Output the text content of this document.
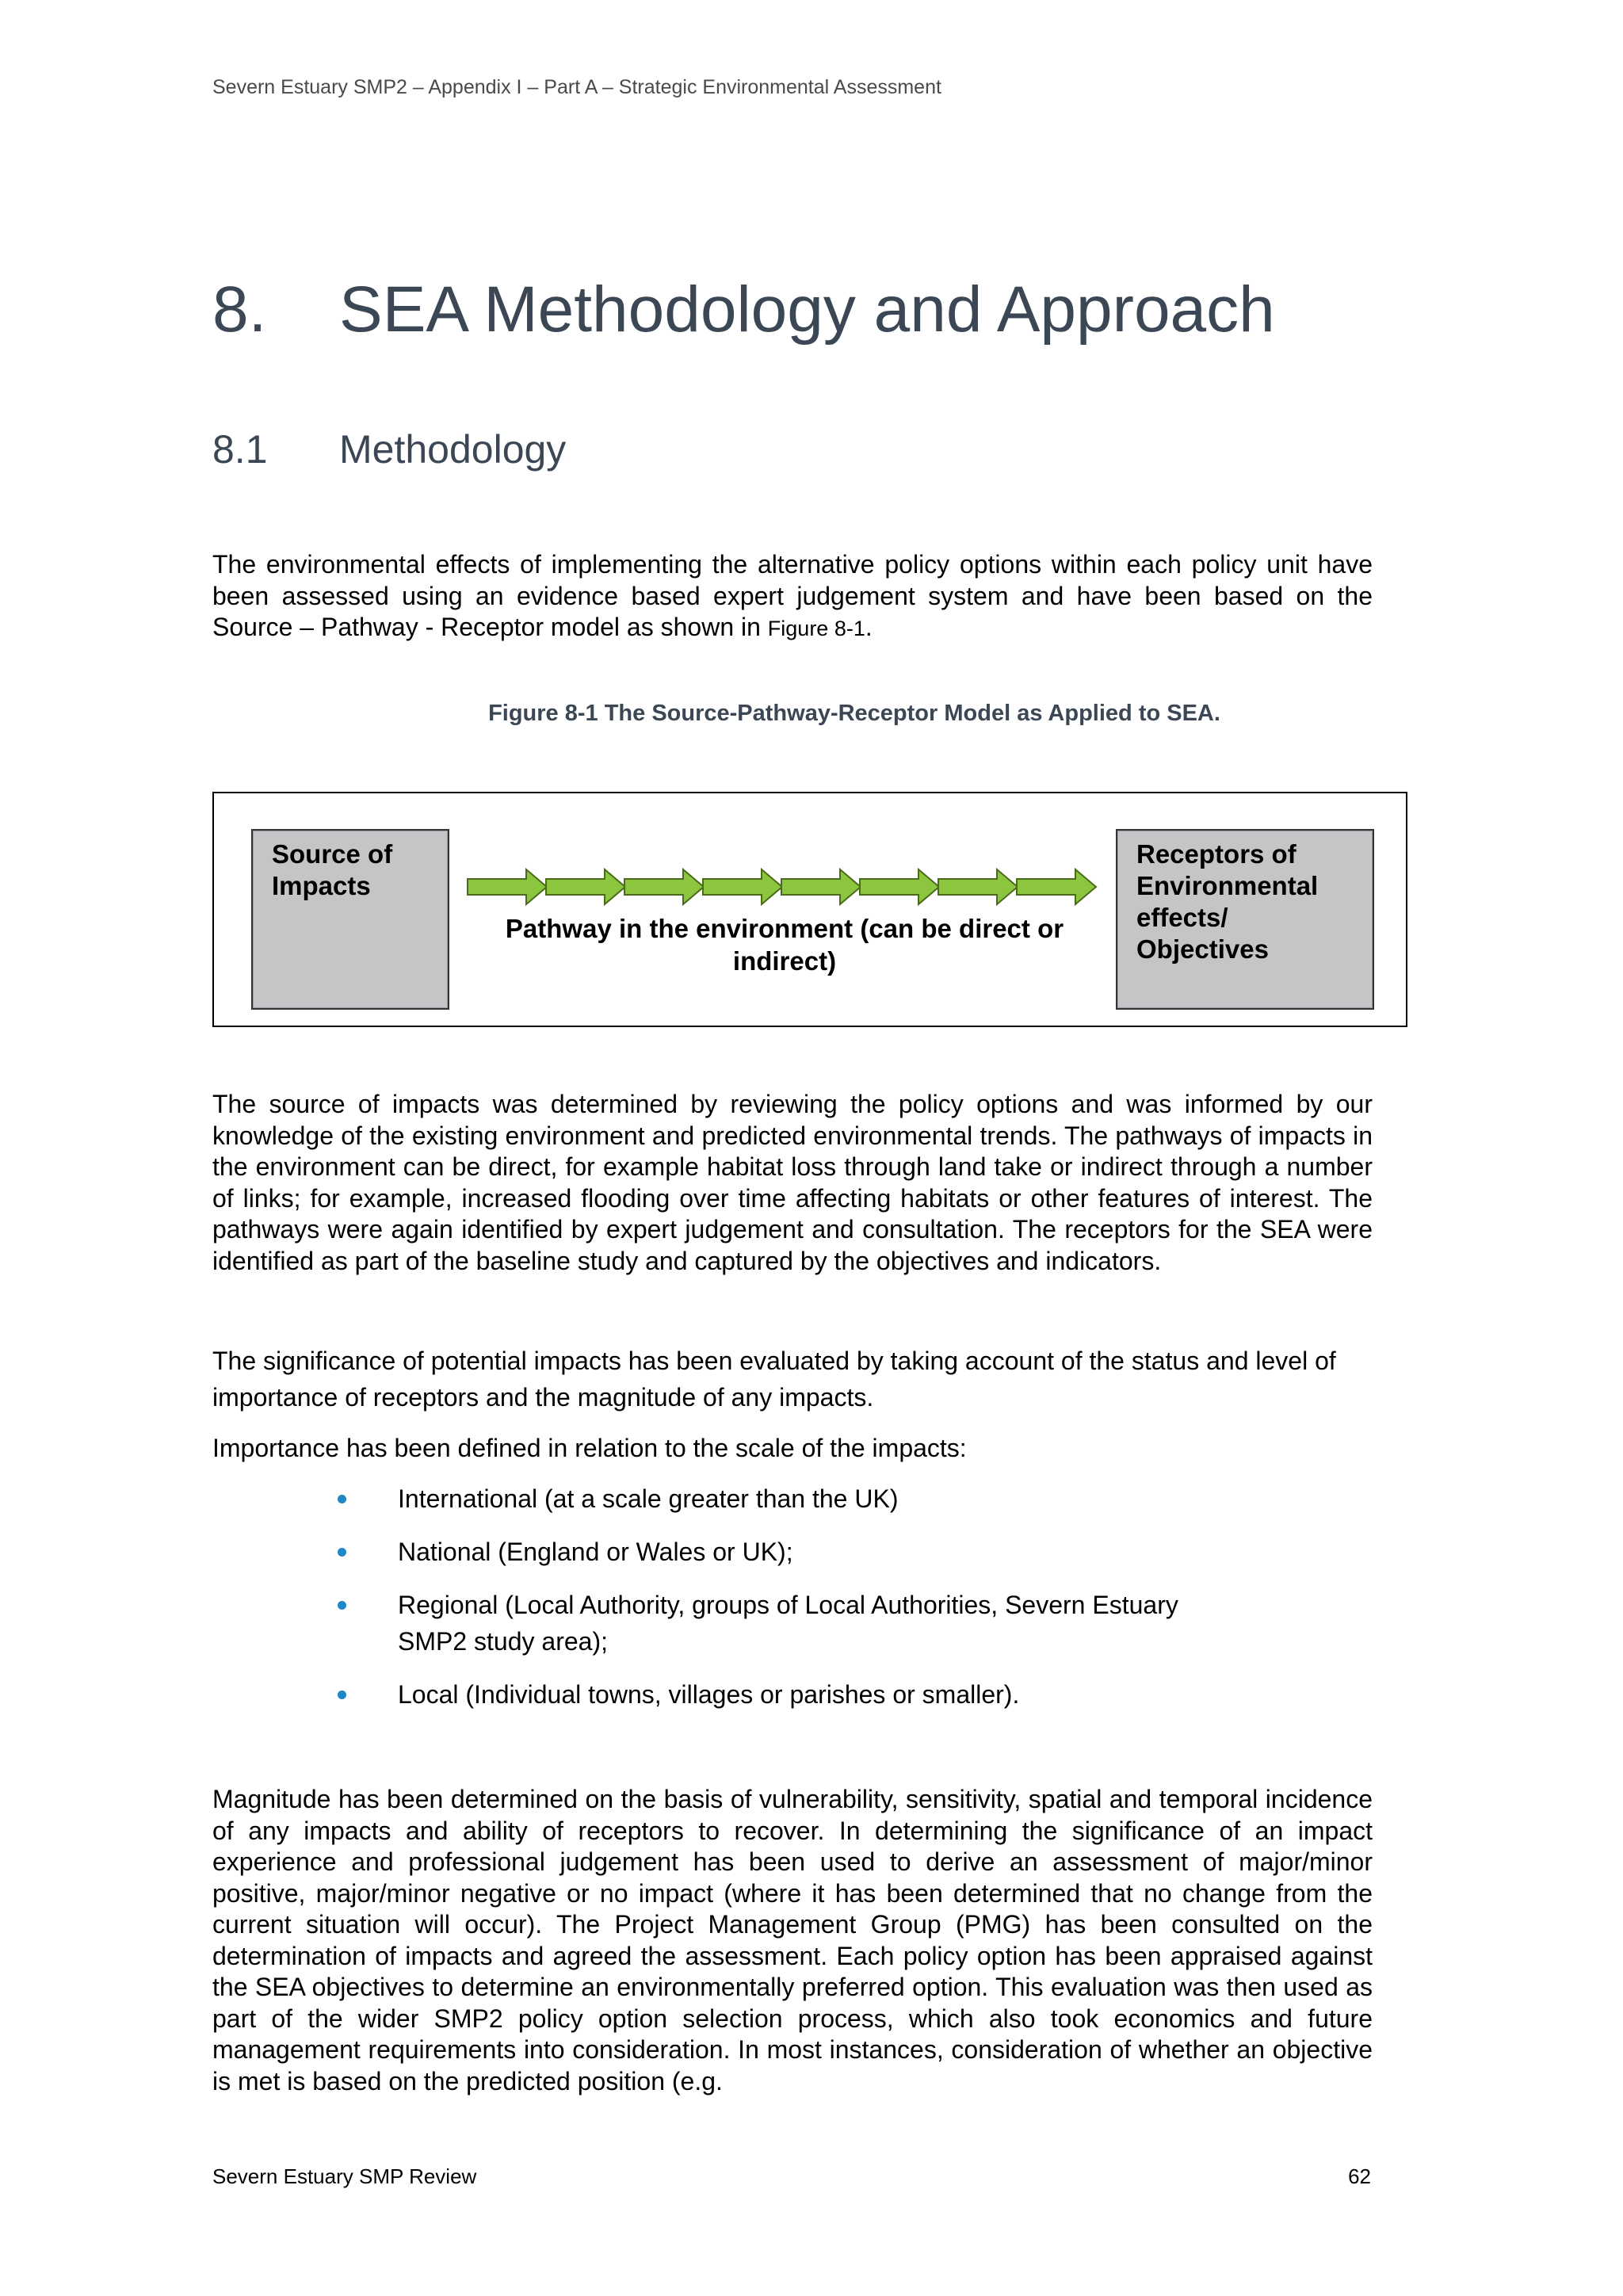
Severn Estuary SMP2 – Appendix I – Part A – Strategic Environmental Assessment
8.	SEA Methodology and Approach
8.1	Methodology
The environmental effects of implementing the alternative policy options within each policy unit have been assessed using an evidence based expert judgement system and have been based on the Source – Pathway - Receptor model as shown in Figure 8-1.
Figure 8-1 The Source-Pathway-Receptor Model as Applied to SEA.
Source of Impacts
Pathway in the environment (can be direct or indirect)
Receptors of Environmental effects/ Objectives
The source of impacts was determined by reviewing the policy options and was informed by our knowledge of the existing environment and predicted environmental trends. The pathways of impacts in the environment can be direct, for example habitat loss through land take or indirect through a number of links; for example, increased flooding over time affecting habitats or other features of interest. The pathways were again identified by expert judgement and consultation. The receptors for the SEA were identified as part of the baseline study and captured by the objectives and indicators.
The significance of potential impacts has been evaluated by taking account of the status and level of importance of receptors and the magnitude of any impacts.
Importance has been defined in relation to the scale of the impacts:
International (at a scale greater than the UK)
National (England or Wales or UK);
Regional (Local Authority, groups of Local Authorities, Severn Estuary SMP2 study area);
Local (Individual towns, villages or parishes or smaller).
Magnitude has been determined on the basis of vulnerability, sensitivity, spatial and temporal incidence of any impacts and ability of receptors to recover. In determining the significance of an impact experience and professional judgement has been used to derive an assessment of major/minor positive, major/minor negative or no impact (where it has been determined that no change from the current situation will occur). The Project Management Group (PMG) has been consulted on the determination of impacts and agreed the assessment. Each policy option has been appraised against the SEA objectives to determine an environmentally preferred option. This evaluation was then used as part of the wider SMP2 policy option selection process, which also took economics and future management requirements into consideration. In most instances, consideration of whether an objective is met is based on the predicted position (e.g.
Severn Estuary SMP Review	62
